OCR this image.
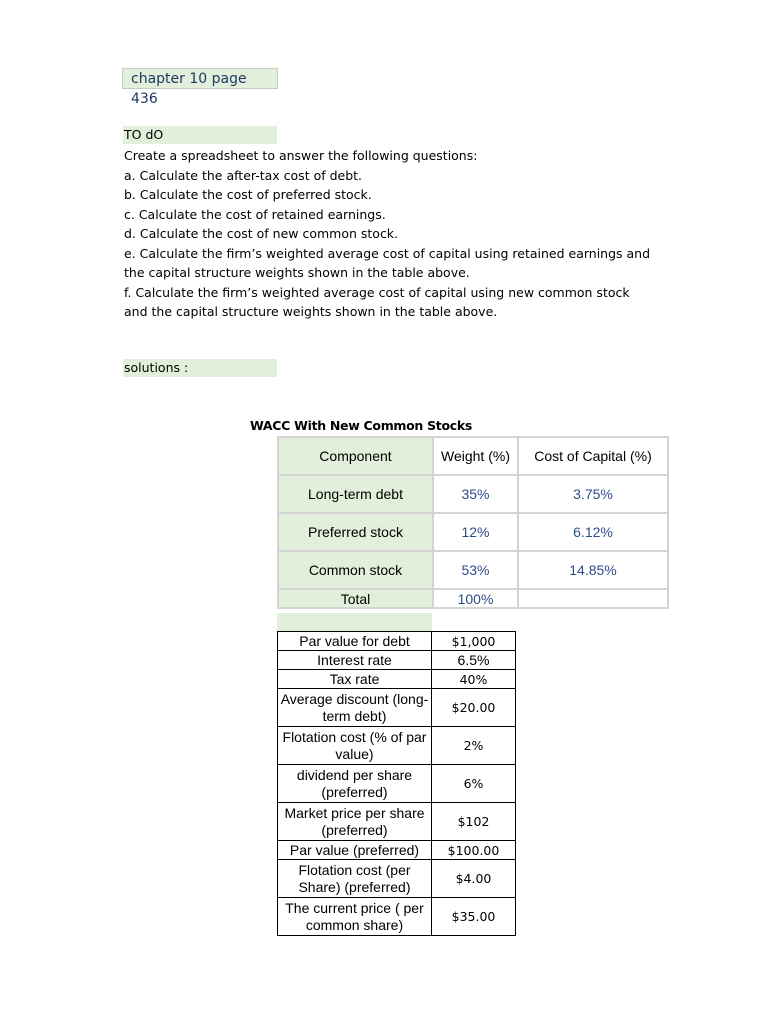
chapter 10 page 436
TO dO
Create a spreadsheet to answer the following questions:
a. Calculate the after-tax cost of debt.
b. Calculate the cost of preferred stock.
c. Calculate the cost of retained earnings.
d. Calculate the cost of new common stock.
e. Calculate the firm’s weighted average cost of capital using retained earnings and
the capital structure weights shown in the table above.
f. Calculate the firm’s weighted average cost of capital using new common stock
and the capital structure weights shown in the table above.
solutions :
WACC With New Common Stocks
Component	Weight (%)	Cost of Capital (%)
Long-term debt	35%	3.75%
Preferred stock	12%	6.12%
Common stock	53%	14.85%
Total	100%	
Par value for debt	$1,000
Interest rate	6.5%
Tax rate	40%
Average discount (long-term debt)	$20.00
Flotation cost (% of par value)	2%
dividend per share (preferred)	6%
Market price per share (preferred)	$102
Par value (preferred)	$100.00
Flotation cost (per Share) (preferred)	$4.00
The current price ( per common share)	$35.00
